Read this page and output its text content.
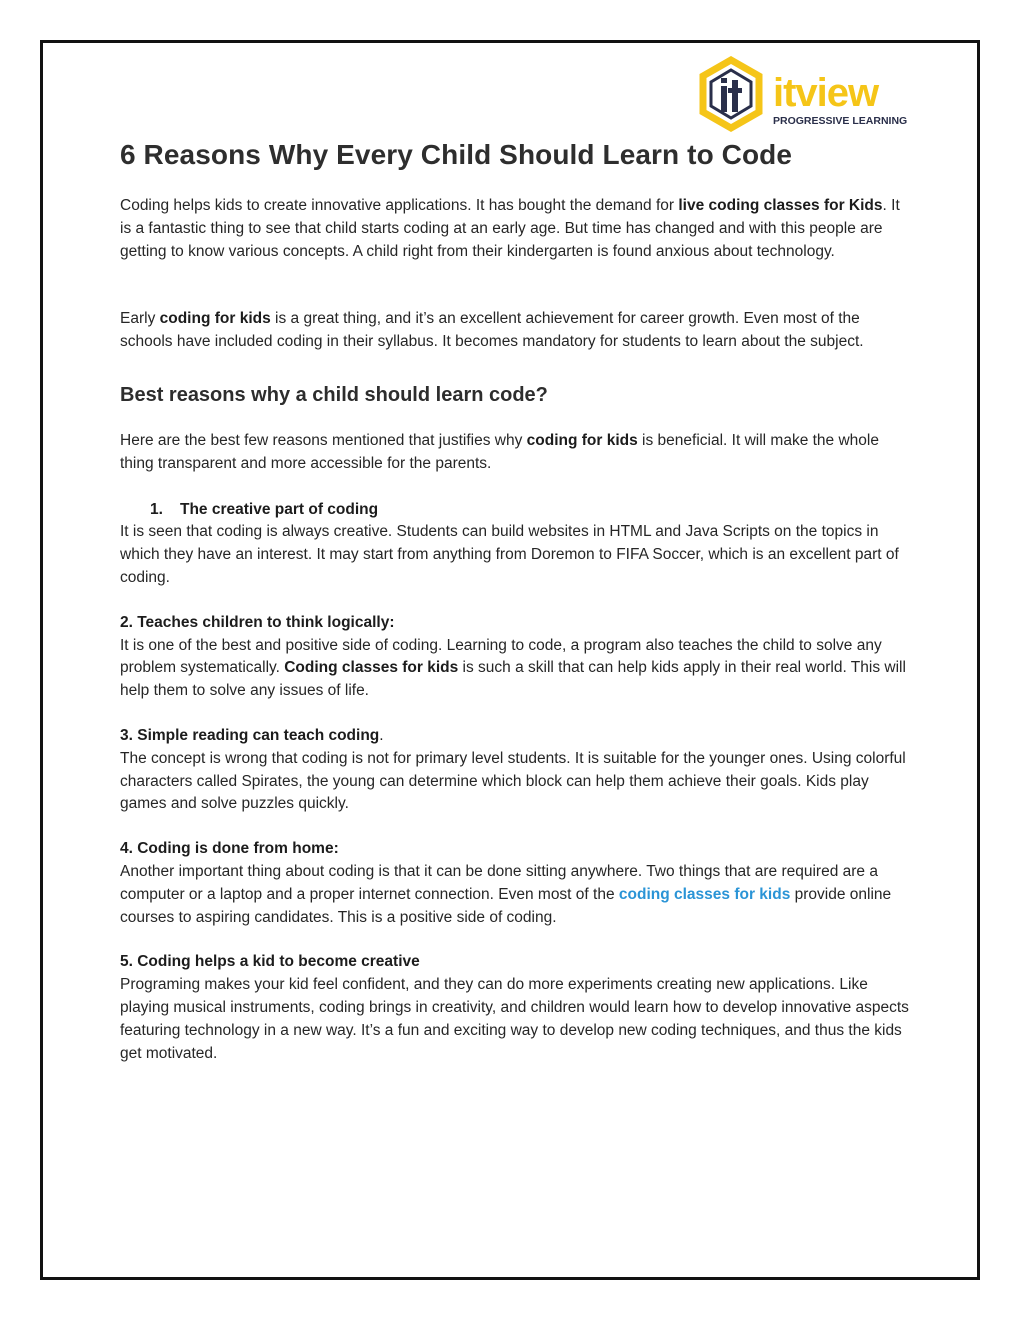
itview
PROGRESSIVE LEARNING
6 Reasons Why Every Child Should Learn to Code

Coding helps kids to create innovative applications. It has bought the demand for live coding classes for Kids. It is a fantastic thing to see that child starts coding at an early age. But time has changed and with this people are getting to know various concepts. A child right from their kindergarten is found anxious about technology.

Early coding for kids is a great thing, and it’s an excellent achievement for career growth. Even most of the schools have included coding in their syllabus. It becomes mandatory for students to learn about the subject.

Best reasons why a child should learn code?

Here are the best few reasons mentioned that justifies why coding for kids is beneficial. It will make the whole thing transparent and more accessible for the parents.

1. The creative part of coding

It is seen that coding is always creative. Students can build websites in HTML and Java Scripts on the topics in which they have an interest. It may start from anything from Doremon to FIFA Soccer, which is an excellent part of coding.

2. Teaches children to think logically:

It is one of the best and positive side of coding. Learning to code, a program also teaches the child to solve any problem systematically. Coding classes for kids is such a skill that can help kids apply in their real world. This will help them to solve any issues of life.

3. Simple reading can teach coding.

The concept is wrong that coding is not for primary level students. It is suitable for the younger ones. Using colorful characters called Spirates, the young can determine which block can help them achieve their goals. Kids play games and solve puzzles quickly.

4. Coding is done from home:

Another important thing about coding is that it can be done sitting anywhere. Two things that are required are a computer or a laptop and a proper internet connection. Even most of the coding classes for kids provide online courses to aspiring candidates. This is a positive side of coding.

5. Coding helps a kid to become creative

Programing makes your kid feel confident, and they can do more experiments creating new applications. Like playing musical instruments, coding brings in creativity, and children would learn how to develop innovative aspects featuring technology in a new way. It’s a fun and exciting way to develop new coding techniques, and thus the kids get motivated.
